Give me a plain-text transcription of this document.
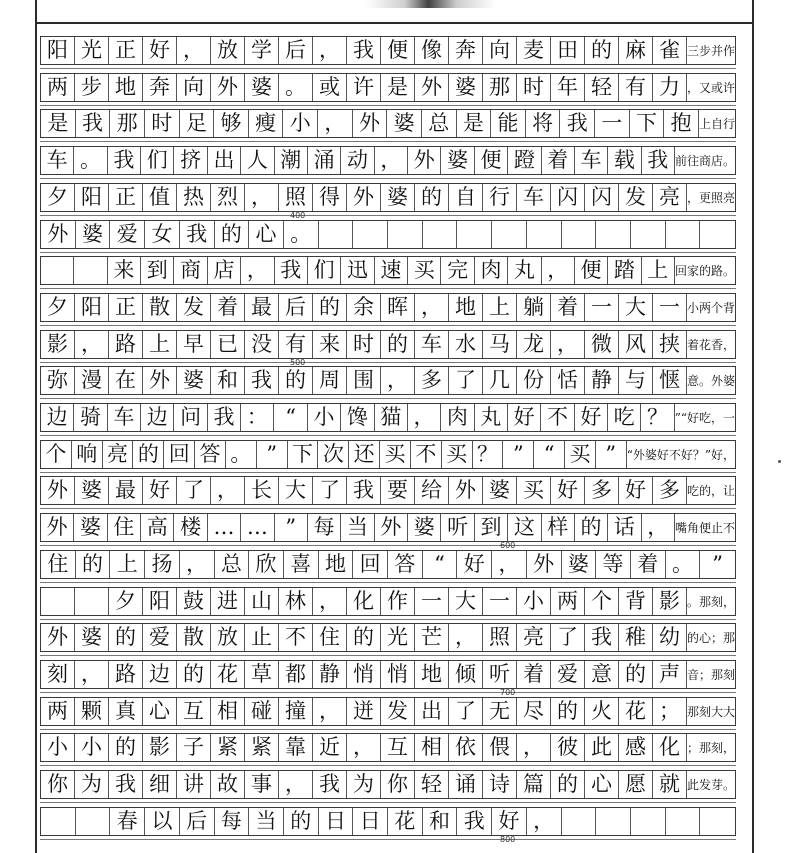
阳 光 正 好 ， 放 学 后 ， 我 便 像 奔 向 麦 田 的 麻 雀 三步并作
两 步 地 奔 向 外 婆 。 或 许 是 外 婆 那 时 年 轻 有 力 ，又或许
是 我 那 时 足 够 瘦 小 ， 外 婆 总 是 能 将 我 一 下 抱 上自行
车 。 我 们 挤 出 人 潮 涌 动 ， 外 婆 便 蹬 着 车 载 我 前往商店。
夕 阳 正 值 热 烈 ， 照 得 外 婆 的 自 行 车 闪 闪 发 亮 ，更照亮
400
外 婆 爱 女 我 的 心 。
来 到 商 店 ， 我 们 迅 速 买 完 肉 丸 ， 便 踏 上 回家的路。
夕 阳 正 散 发 着 最 后 的 余 晖 ， 地 上 躺 着 一 大 一 小两个背
影 ， 路 上 早 已 没 有 来 时 的 车 水 马 龙 ， 微 风 挟 着花香，
500
弥 漫 在 外 婆 和 我 的 周 围 ， 多 了 几 份 恬 静 与 惬 意。外婆
边 骑 车 边 问 我 ： “ 小 馋 猫 ， 肉 丸 好 不 好 吃 ？ ”“好吃，一
个 响 亮 的 回 答 。 ” 下 次 还 买 不 买 ？ ” “ 买 ” “外婆好不好？”好，
外 婆 最 好 了 ， 长 大 了 我 要 给 外 婆 买 好 多 好 多 吃的，让
外 婆 住 高 楼 … … ” 每 当 外 婆 听 到 这 样 的 话 ， 嘴角便止不
600
住 的 上 扬 ， 总 欣 喜 地 回 答 “ 好 ， 外 婆 等 着 。 ”
夕 阳 鼓 进 山 林 ， 化 作 一 大 一 小 两 个 背 影 。那刻，
外 婆 的 爱 散 放 止 不 住 的 光 芒 ， 照 亮 了 我 稚 幼 的心；那
刻 ， 路 边 的 花 草 都 静 悄 悄 地 倾 听 着 爱 意 的 声 音；那刻
700
两 颗 真 心 互 相 碰 撞 ， 迸 发 出 了 无 尽 的 火 花 ； 那刻大大
小 小 的 影 子 紧 紧 靠 近 ， 互 相 依 偎 ， 彼 此 感 化 ；那刻，
你 为 我 细 讲 故 事 ， 我 为 你 轻 诵 诗 篇 的 心 愿 就 此发芽。
春 以 后 每 当 的 日 日 花 和 我 好 ，
800
